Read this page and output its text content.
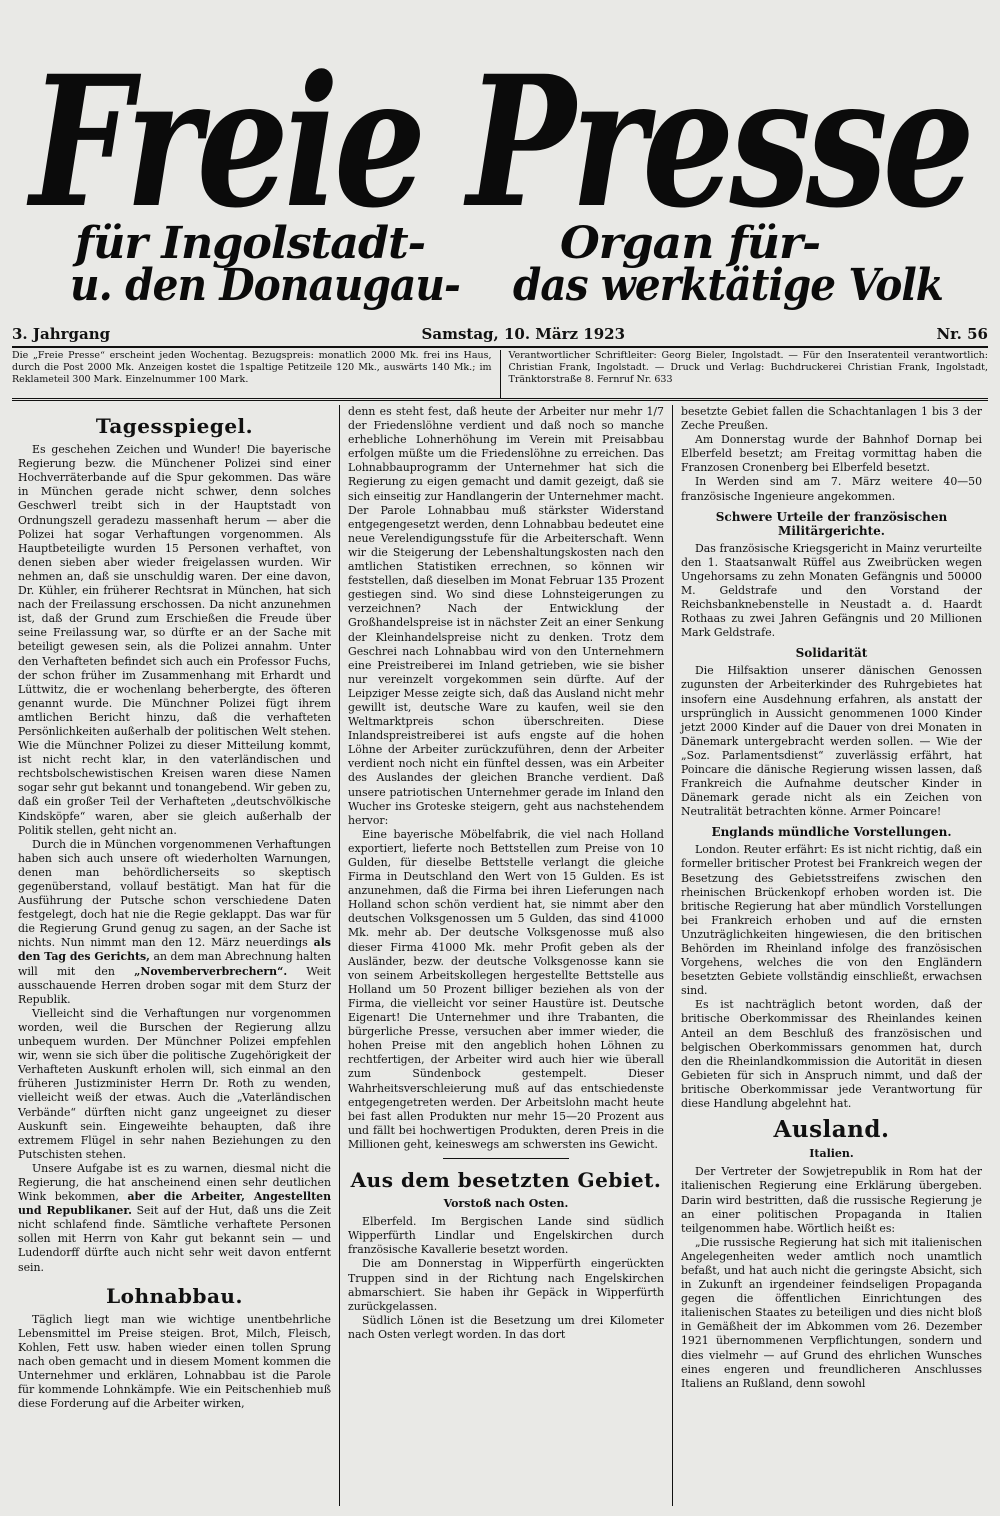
Freie Presse
für Ingolstadt-
u. den Donaugau-
Organ für-
das werktätige Volk
3. Jahrgang	Samstag, 10. März 1923	Nr. 56
Die „Freie Presse“ erscheint jeden Wochentag. Bezugspreis: monatlich 2000 Mk. frei ins Haus, durch die Post 2000 Mk. Anzeigen kostet die 1spaltige Petitzeile 120 Mk., auswärts 140 Mk.; im Reklameteil 300 Mark. Einzelnummer 100 Mark.
Verantwortlicher Schriftleiter: Georg Bieler, Ingolstadt. — Für den Inseratenteil verantwortlich: Christian Frank, Ingolstadt. — Druck und Verlag: Buchdruckerei Christian Frank, Ingolstadt, Tränktorstraße 8. Fernruf Nr. 633
Tagesspiegel.

Es geschehen Zeichen und Wunder! Die bayerische Regierung bezw. die Münchener Polizei sind einer Hochverräterbande auf die Spur gekommen. Das wäre in München gerade nicht schwer, denn solches Geschwerl treibt sich in der Hauptstadt von Ordnungszell geradezu massenhaft herum — aber die Polizei hat sogar Verhaftungen vorgenommen. Als Hauptbeteiligte wurden 15 Personen verhaftet, von denen sieben aber wieder freigelassen wurden. Wir nehmen an, daß sie unschuldig waren. Der eine davon, Dr. Kühler, ein früherer Rechtsrat in München, hat sich nach der Freilassung erschossen. Da nicht anzunehmen ist, daß der Grund zum Erschießen die Freude über seine Freilassung war, so dürfte er an der Sache mit beteiligt gewesen sein, als die Polizei annahm. Unter den Verhafteten befindet sich auch ein Professor Fuchs, der schon früher im Zusammenhang mit Erhardt und Lüttwitz, die er wochenlang beherbergte, des öfteren genannt wurde. Die Münchner Polizei fügt ihrem amtlichen Bericht hinzu, daß die verhafteten Persönlichkeiten außerhalb der politischen Welt stehen. Wie die Münchner Polizei zu dieser Mitteilung kommt, ist nicht recht klar, in den vaterländischen und rechtsbolschewistischen Kreisen waren diese Namen sogar sehr gut bekannt und tonangebend. Wir geben zu, daß ein großer Teil der Verhafteten „deutschvölkische Kindsköpfe“ waren, aber sie gleich außerhalb der Politik stellen, geht nicht an.

Durch die in München vorgenommenen Verhaftungen haben sich auch unsere oft wiederholten Warnungen, denen man behördlicherseits so skeptisch gegenüberstand, vollauf bestätigt. Man hat für die Ausführung der Putsche schon verschiedene Daten festgelegt, doch hat nie die Regie geklappt. Das war für die Regierung Grund genug zu sagen, an der Sache ist nichts. Nun nimmt man den 12. März neuerdings als den Tag des Gerichts, an dem man Abrechnung halten will mit den „Novemberverbrechern“. Weit ausschauende Herren droben sogar mit dem Sturz der Republik.

Vielleicht sind die Verhaftungen nur vorgenommen worden, weil die Burschen der Regierung allzu unbequem wurden. Der Münchner Polizei empfehlen wir, wenn sie sich über die politische Zugehörigkeit der Verhafteten Auskunft erholen will, sich einmal an den früheren Justizminister Herrn Dr. Roth zu wenden, vielleicht weiß der etwas. Auch die „Vaterländischen Verbände“ dürften nicht ganz ungeeignet zu dieser Auskunft sein. Eingeweihte behaupten, daß ihre extremem Flügel in sehr nahen Beziehungen zu den Putschisten stehen.

Unsere Aufgabe ist es zu warnen, diesmal nicht die Regierung, die hat anscheinend einen sehr deutlichen Wink bekommen, aber die Arbeiter, Angestellten und Republikaner. Seit auf der Hut, daß uns die Zeit nicht schlafend finde. Sämtliche verhaftete Personen sollen mit Herrn von Kahr gut bekannt sein — und Ludendorff dürfte auch nicht sehr weit davon entfernt sein.

Lohnabbau.

Täglich liegt man wie wichtige unentbehrliche Lebensmittel im Preise steigen. Brot, Milch, Fleisch, Kohlen, Fett usw. haben wieder einen tollen Sprung nach oben gemacht und in diesem Moment kommen die Unternehmer und erklären, Lohnabbau ist die Parole für kommende Lohnkämpfe. Wie ein Peitschenhieb muß diese Forderung auf die Arbeiter wirken,

denn es steht fest, daß heute der Arbeiter nur mehr 1/7 der Friedenslöhne verdient und daß noch so manche erhebliche Lohnerhöhung im Verein mit Preisabbau erfolgen müßte um die Friedenslöhne zu erreichen. Das Lohnabbauprogramm der Unternehmer hat sich die Regierung zu eigen gemacht und damit gezeigt, daß sie sich einseitig zur Handlangerin der Unternehmer macht. Der Parole Lohnabbau muß stärkster Widerstand entgegengesetzt werden, denn Lohnabbau bedeutet eine neue Verelendigungsstufe für die Arbeiterschaft. Wenn wir die Steigerung der Lebenshaltungskosten nach den amtlichen Statistiken errechnen, so können wir feststellen, daß dieselben im Monat Februar 135 Prozent gestiegen sind. Wo sind diese Lohnsteigerungen zu verzeichnen? Nach der Entwicklung der Großhandelspreise ist in nächster Zeit an einer Senkung der Kleinhandelspreise nicht zu denken. Trotz dem Geschrei nach Lohnabbau wird von den Unternehmern eine Preistreiberei im Inland getrieben, wie sie bisher nur vereinzelt vorgekommen sein dürfte. Auf der Leipziger Messe zeigte sich, daß das Ausland nicht mehr gewillt ist, deutsche Ware zu kaufen, weil sie den Weltmarktpreis schon überschreiten. Diese Inlandspreistreiberei ist aufs engste auf die hohen Löhne der Arbeiter zurückzuführen, denn der Arbeiter verdient noch nicht ein fünftel dessen, was ein Arbeiter des Auslandes der gleichen Branche verdient. Daß unsere patriotischen Unternehmer gerade im Inland den Wucher ins Groteske steigern, geht aus nachstehendem hervor:

Eine bayerische Möbelfabrik, die viel nach Holland exportiert, lieferte noch Bettstellen zum Preise von 10 Gulden, für dieselbe Bettstelle verlangt die gleiche Firma in Deutschland den Wert von 15 Gulden. Es ist anzunehmen, daß die Firma bei ihren Lieferungen nach Holland schon schön verdient hat, sie nimmt aber den deutschen Volksgenossen um 5 Gulden, das sind 41000 Mk. mehr ab. Der deutsche Volksgenosse muß also dieser Firma 41000 Mk. mehr Profit geben als der Ausländer, bezw. der deutsche Volksgenosse kann sie von seinem Arbeitskollegen hergestellte Bettstelle aus Holland um 50 Prozent billiger beziehen als von der Firma, die vielleicht vor seiner Haustüre ist. Deutsche Eigenart! Die Unternehmer und ihre Trabanten, die bürgerliche Presse, versuchen aber immer wieder, die hohen Preise mit den angeblich hohen Löhnen zu rechtfertigen, der Arbeiter wird auch hier wie überall zum Sündenbock gestempelt. Dieser Wahrheitsverschleierung muß auf das entschiedenste entgegengetreten werden. Der Arbeitslohn macht heute bei fast allen Produkten nur mehr 15—20 Prozent aus und fällt bei hochwertigen Produkten, deren Preis in die Millionen geht, keineswegs am schwersten ins Gewicht.

Aus dem besetzten Gebiet.
Vorstoß nach Osten.

Elberfeld. Im Bergischen Lande sind südlich Wipperfürth Lindlar und Engelskirchen durch französische Kavallerie besetzt worden.

Die am Donnerstag in Wipperfürth eingerückten Truppen sind in der Richtung nach Engelskirchen abmarschiert. Sie haben ihr Gepäck in Wipperfürth zurückgelassen.

Südlich Lönen ist die Besetzung um drei Kilometer nach Osten verlegt worden. In das dort

besetzte Gebiet fallen die Schachtanlagen 1 bis 3 der Zeche Preußen.

Am Donnerstag wurde der Bahnhof Dornap bei Elberfeld besetzt; am Freitag vormittag haben die Franzosen Cronenberg bei Elberfeld besetzt.

In Werden sind am 7. März weitere 40—50 französische Ingenieure angekommen.

Schwere Urteile der französischen Militärgerichte.

Das französische Kriegsgericht in Mainz verurteilte den 1. Staatsanwalt Rüffel aus Zweibrücken wegen Ungehorsams zu zehn Monaten Gefängnis und 50000 M. Geldstrafe und den Vorstand der Reichsbanknebenstelle in Neustadt a. d. Haardt Rothaas zu zwei Jahren Gefängnis und 20 Millionen Mark Geldstrafe.

Solidarität

Die Hilfsaktion unserer dänischen Genossen zugunsten der Arbeiterkinder des Ruhrgebietes hat insofern eine Ausdehnung erfahren, als anstatt der ursprünglich in Aussicht genommenen 1000 Kinder jetzt 2000 Kinder auf die Dauer von drei Monaten in Dänemark untergebracht werden sollen. — Wie der „Soz. Parlamentsdienst“ zuverlässig erfährt, hat Poincare die dänische Regierung wissen lassen, daß Frankreich die Aufnahme deutscher Kinder in Dänemark gerade nicht als ein Zeichen von Neutralität betrachten könne. Armer Poincare!

Englands mündliche Vorstellungen.

London. Reuter erfährt: Es ist nicht richtig, daß ein formeller britischer Protest bei Frankreich wegen der Besetzung des Gebietsstreifens zwischen den rheinischen Brückenkopf erhoben worden ist. Die britische Regierung hat aber mündlich Vorstellungen bei Frankreich erhoben und auf die ernsten Unzuträglichkeiten hingewiesen, die den britischen Behörden im Rheinland infolge des französischen Vorgehens, welches die von den Engländern besetzten Gebiete vollständig einschließt, erwachsen sind.

Es ist nachträglich betont worden, daß der britische Oberkommissar des Rheinlandes keinen Anteil an dem Beschluß des französischen und belgischen Oberkommissars genommen hat, durch den die Rheinlandkommission die Autorität in diesen Gebieten für sich in Anspruch nimmt, und daß der britische Oberkommissar jede Verantwortung für diese Handlung abgelehnt hat.

Ausland.
Italien.

Der Vertreter der Sowjetrepublik in Rom hat der italienischen Regierung eine Erklärung übergeben. Darin wird bestritten, daß die russische Regierung je an einer politischen Propaganda in Italien teilgenommen habe. Wörtlich heißt es:

„Die russische Regierung hat sich mit italienischen Angelegenheiten weder amtlich noch unamtlich befaßt, und hat auch nicht die geringste Absicht, sich in Zukunft an irgendeiner feindseligen Propaganda gegen die öffentlichen Einrichtungen des italienischen Staates zu beteiligen und dies nicht bloß in Gemäßheit der im Abkommen vom 26. Dezember 1921 übernommenen Verpflichtungen, sondern und dies vielmehr — auf Grund des ehrlichen Wunsches eines engeren und freundlicheren Anschlusses Italiens an Rußland, denn sowohl
